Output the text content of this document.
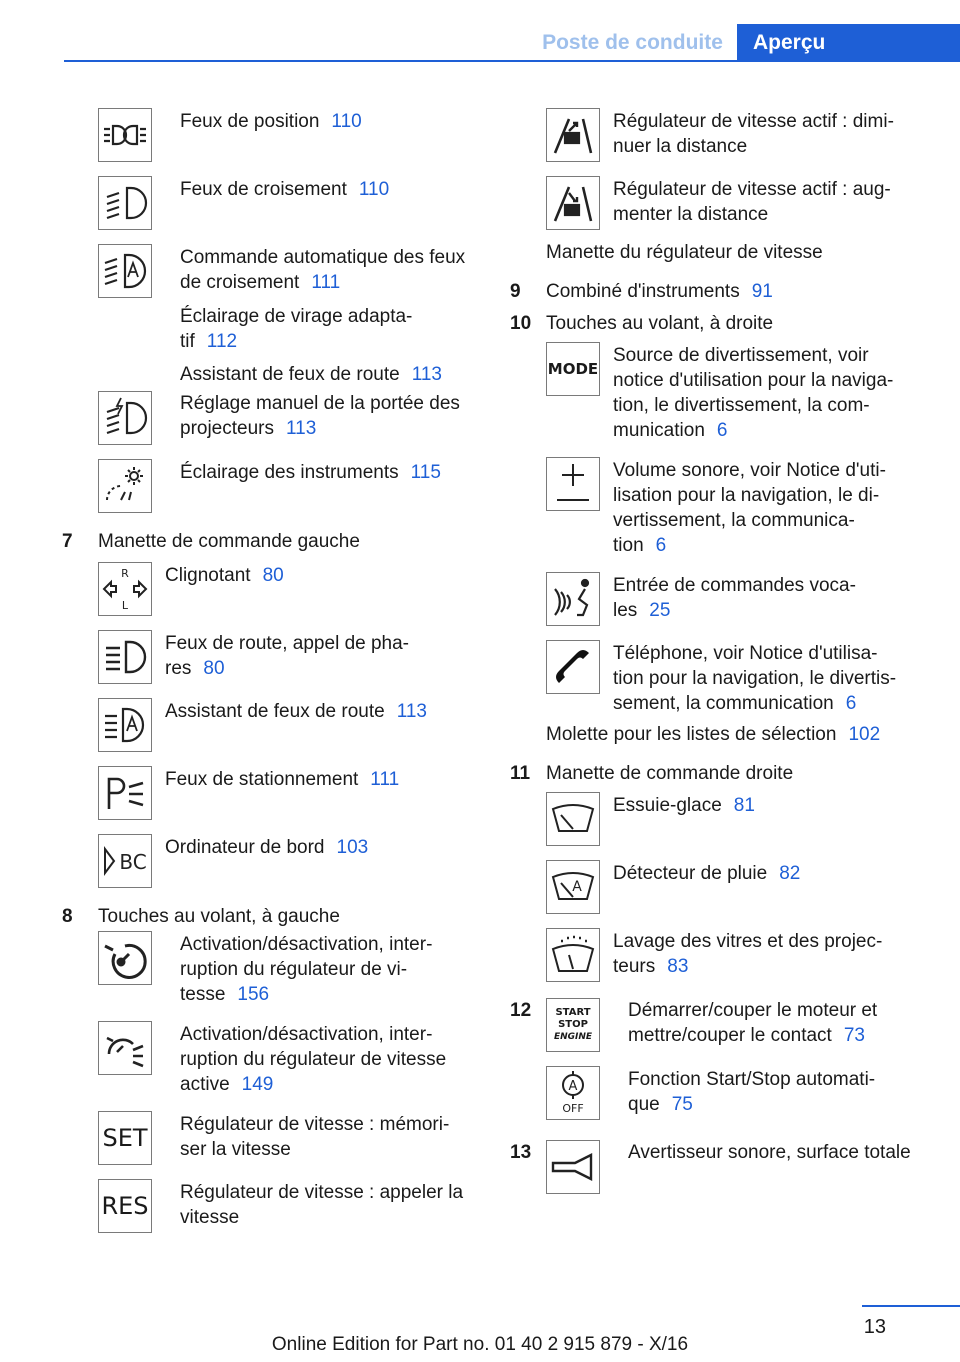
Poste de conduite	Aperçu
Feux de position 110
Feux de croisement 110
Commande automatique des feux de croisement 111
Éclairage de virage adapta- tif 112
Assistant de feux de route 113
Réglage manuel de la portée des projecteurs 113
Éclairage des instruments 115
7	Manette de commande gauche
R
L
Clignotant 80
Feux de route, appel de pha- res 80
Assistant de feux de route 113
Feux de stationnement 111
BC
Ordinateur de bord 103
8	Touches au volant, à gauche
Activation/désactivation, inter- ruption du régulateur de vi- tesse 156
Activation/désactivation, inter- ruption du régulateur de vitesse active 149
SET	Régulateur de vitesse : mémori- ser la vitesse
RES	Régulateur de vitesse : appeler la vitesse
Régulateur de vitesse actif : dimi- nuer la distance
Régulateur de vitesse actif : aug- menter la distance
Manette du régulateur de vitesse
9	Combiné d'instruments 91
10 Touches au volant, à droite
MODE
Source de divertissement, voir notice d'utilisation pour la naviga- tion, le divertissement, la com- munication 6
Volume sonore, voir Notice d'uti- lisation pour la navigation, le di- vertissement, la communica- tion 6
Entrée de commandes voca- les 25
Téléphone, voir Notice d'utilisa- tion pour la navigation, le divertis- sement, la communication 6
Molette pour les listes de sélection 102
11 Manette de commande droite
Essuie-glace 81
A
Détecteur de pluie 82
Lavage des vitres et des projec- teurs 83
12	START
STOP
ENGINE
Démarrer/couper le moteur et mettre/couper le contact 73
A
OFF
Fonction Start/Stop automati- que 75
13	Avertisseur sonore, surface totale
13
Online Edition for Part no. 01 40 2 915 879 - X/16
